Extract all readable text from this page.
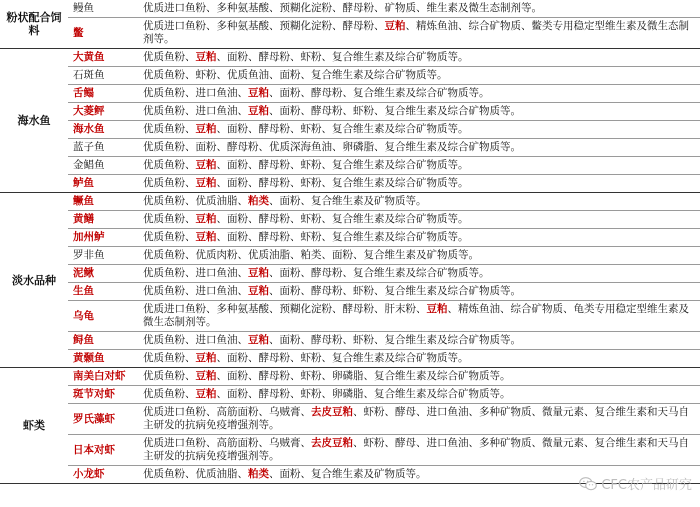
粉状配合饲料	鳗鱼	优质进口鱼粉、多种氨基酸、预糊化淀粉、酵母粉、矿物质、维生素及微生态制剂等。
	鳖	优质进口鱼粉、多种氨基酸、预糊化淀粉、酵母粉、豆粕、精炼鱼油、综合矿物质、鳖类专用稳定型维生素及微生态制剂等。
海水鱼	大黄鱼	优质鱼粉、豆粕、面粉、酵母粉、虾粉、复合维生素及综合矿物质等。
	石斑鱼	优质鱼粉、虾粉、优质鱼油、面粉、复合维生素及综合矿物质等。
	舌鳎	优质鱼粉、进口鱼油、豆粕、面粉、酵母粉、复合维生素及综合矿物质等。
	大菱鲆	优质鱼粉、进口鱼油、豆粕、面粉、酵母粉、虾粉、复合维生素及综合矿物质等。
	海水鱼	优质鱼粉、豆粕、面粉、酵母粉、虾粉、复合维生素及综合矿物质等。
	蓝子鱼	优质鱼粉、面粉、酵母粉、优质深海鱼油、卵磷脂、复合维生素及综合矿物质等。
	金鲳鱼	优质鱼粉、豆粕、面粉、酵母粉、虾粉、复合维生素及综合矿物质等。
	鲈鱼	优质鱼粉、豆粕、面粉、酵母粉、虾粉、复合维生素及综合矿物质等。
淡水品种	鳜鱼	优质鱼粉、优质油脂、粕类、面粉、复合维生素及矿物质等。
	黄鳝	优质鱼粉、豆粕、面粉、酵母粉、虾粉、复合维生素及综合矿物质等。
	加州鲈	优质鱼粉、豆粕、面粉、酵母粉、虾粉、复合维生素及综合矿物质等。
	罗非鱼	优质鱼粉、优质肉粉、优质油脂、粕类、面粉、复合维生素及矿物质等。
	泥鳅	优质鱼粉、进口鱼油、豆粕、面粉、酵母粉、复合维生素及综合矿物质等。
	生鱼	优质鱼粉、进口鱼油、豆粕、面粉、酵母粉、虾粉、复合维生素及综合矿物质等。
	乌龟	优质进口鱼粉、多种氨基酸、预糊化淀粉、酵母粉、肝末粉、豆粕、精炼鱼油、综合矿物质、龟类专用稳定型维生素及微生态制剂等。
	鲟鱼	优质鱼粉、进口鱼油、豆粕、面粉、酵母粉、虾粉、复合维生素及综合矿物质等。
	黄颡鱼	优质鱼粉、豆粕、面粉、酵母粉、虾粉、复合维生素及综合矿物质等。
虾类	南美白对虾	优质鱼粉、豆粕、面粉、酵母粉、虾粉、卵磷脂、复合维生素及综合矿物质等。
	斑节对虾	优质鱼粉、豆粕、面粉、酵母粉、虾粉、卵磷脂、复合维生素及综合矿物质等。
	罗氏藻虾	优质进口鱼粉、高筋面粉、乌贼膏、去皮豆粕、虾粉、酵母、进口鱼油、多种矿物质、微量元素、复合维生素和天马自主研发的抗病免疫增强剂等。
	日本对虾	优质进口鱼粉、高筋面粉、乌贼膏、去皮豆粕、虾粉、酵母、进口鱼油、多种矿物质、微量元素、复合维生素和天马自主研发的抗病免疫增强剂等。
	小龙虾	优质鱼粉、优质油脂、粕类、面粉、复合维生素及矿物质等。
CFC农产品研究
